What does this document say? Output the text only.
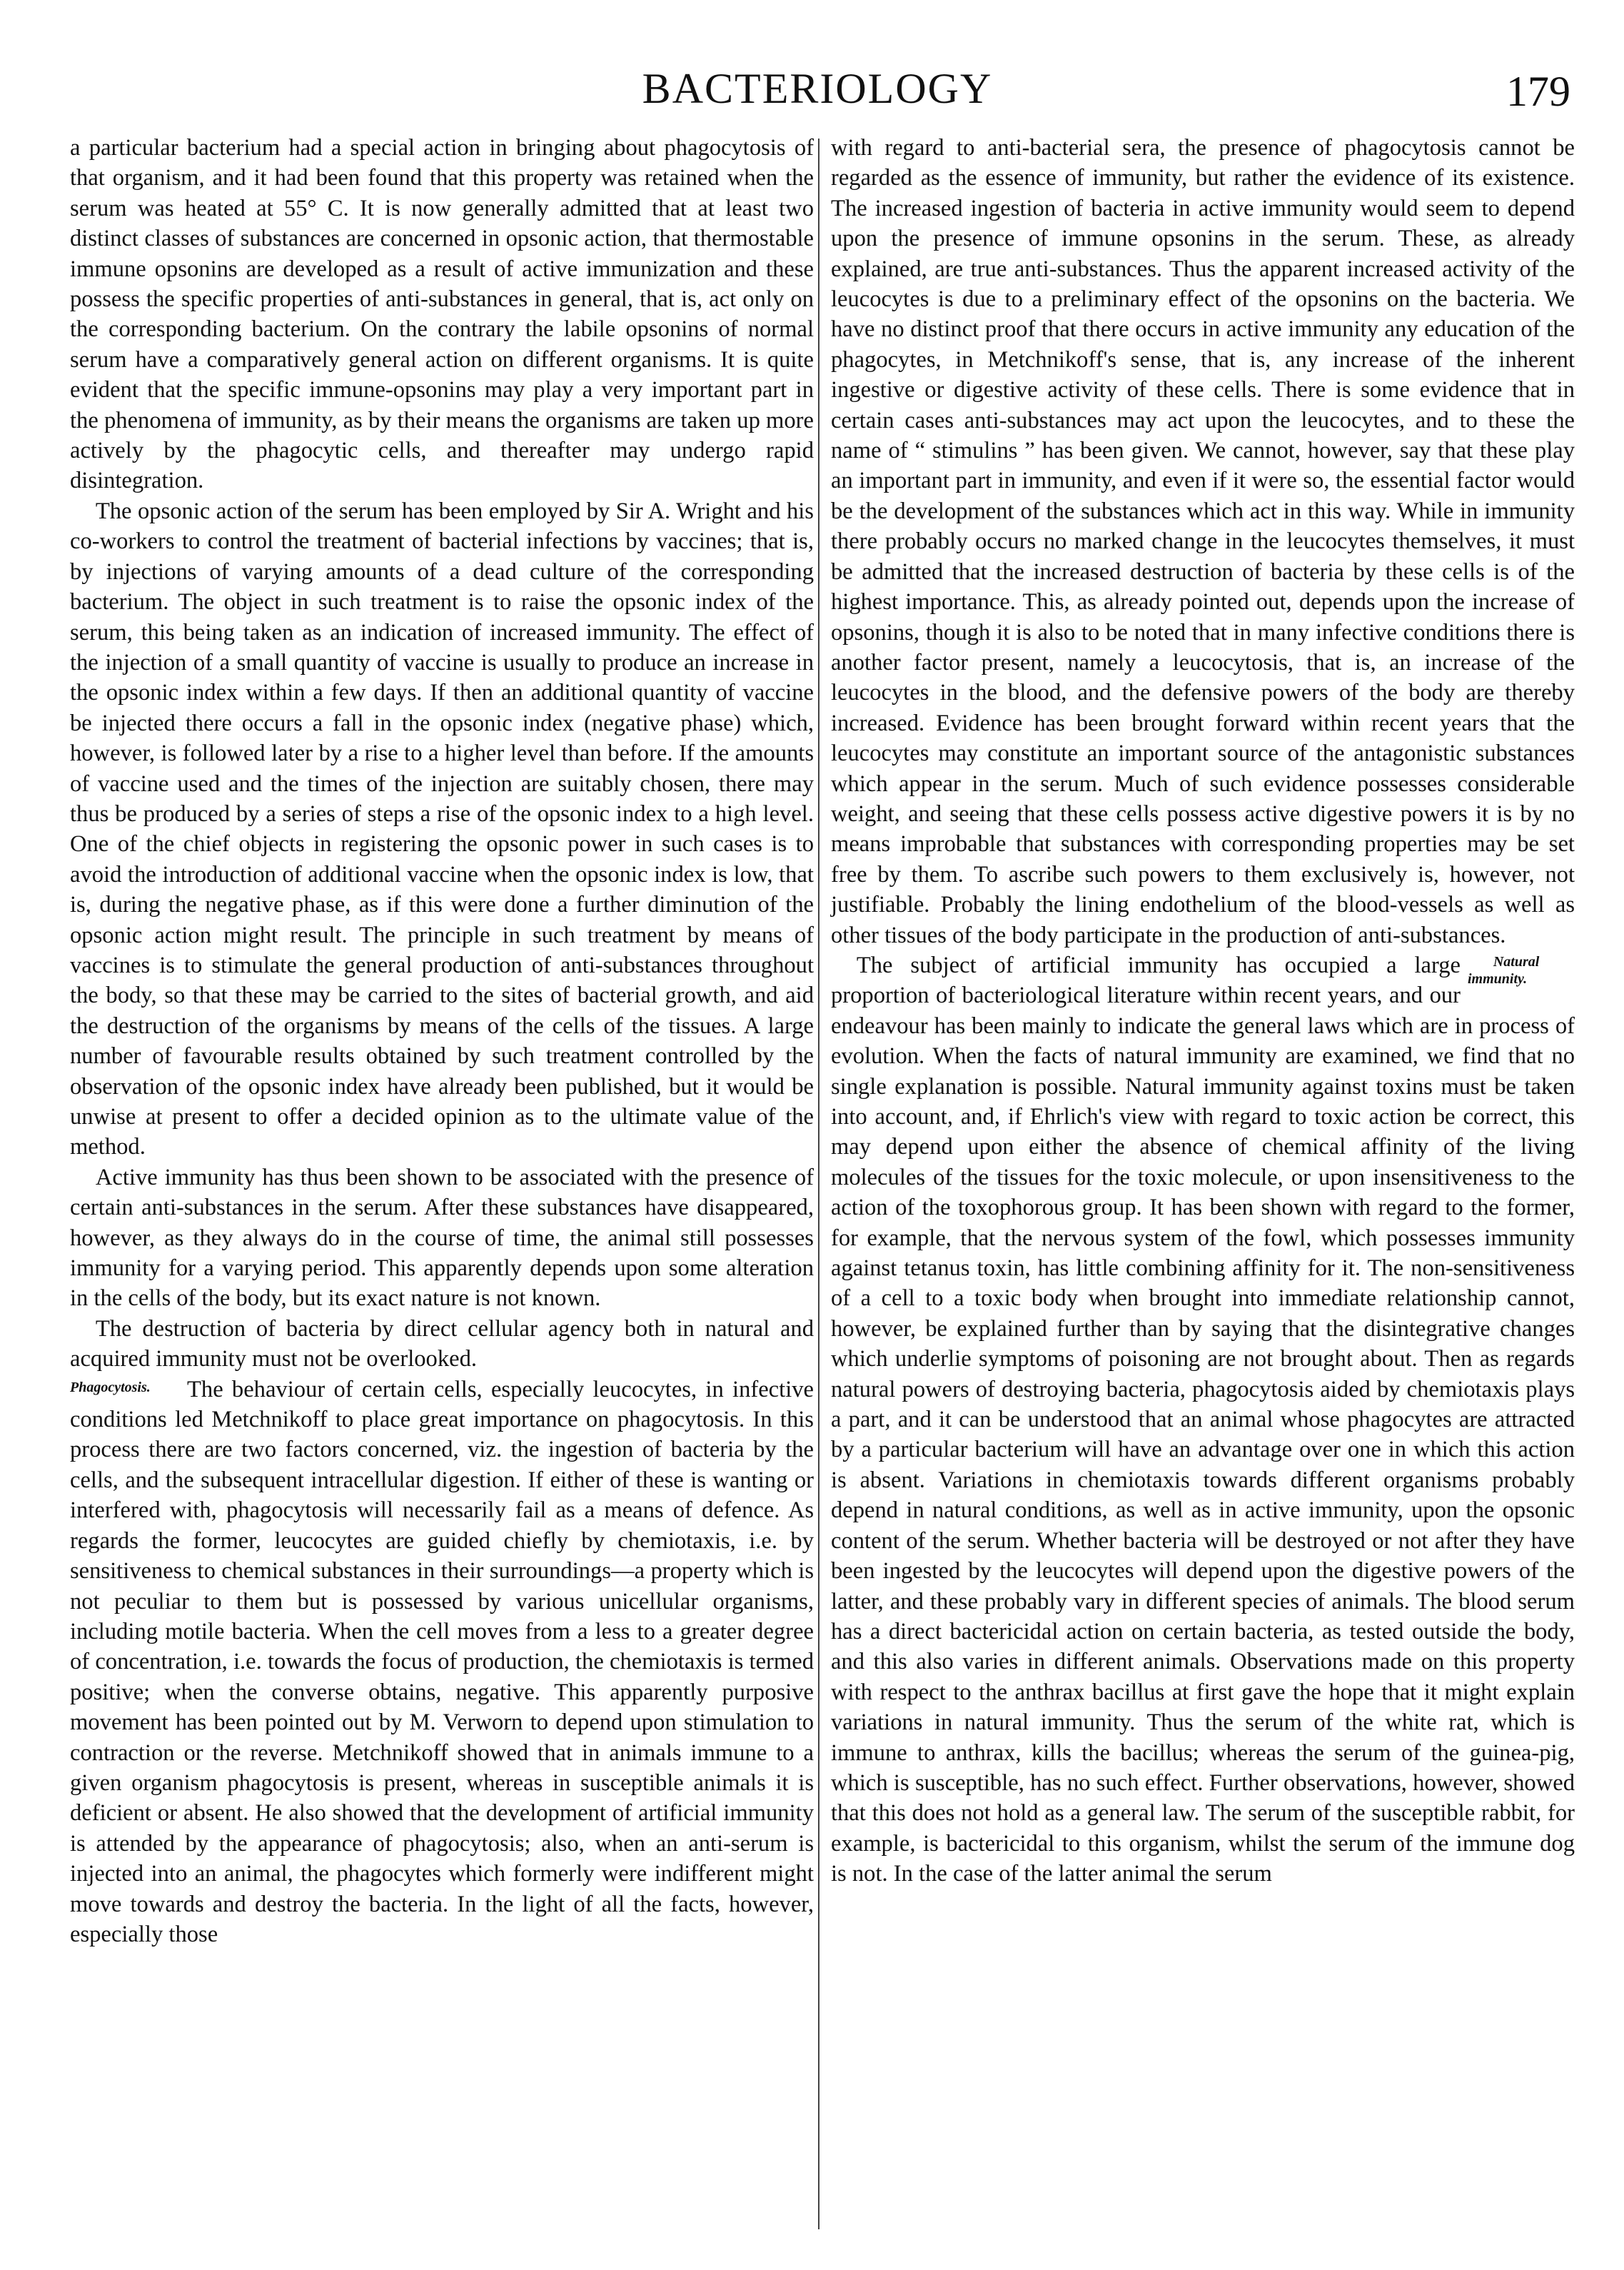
BACTERIOLOGY	179

a particular bacterium had a special action in bringing about phagocytosis of that organism, and it had been found that this property was retained when the serum was heated at 55° C. It is now generally admitted that at least two distinct classes of substances are concerned in opsonic action, that thermostable immune opsonins are developed as a result of active immunization and these possess the specific properties of anti-substances in general, that is, act only on the corresponding bacterium. On the contrary the labile opsonins of normal serum have a comparatively general action on different organisms. It is quite evident that the specific immune-opsonins may play a very important part in the phenomena of immunity, as by their means the organisms are taken up more actively by the phagocytic cells, and thereafter may undergo rapid disintegration.

The opsonic action of the serum has been employed by Sir A. Wright and his co-workers to control the treatment of bacterial infections by vaccines; that is, by injections of varying amounts of a dead culture of the corresponding bacterium. The object in such treatment is to raise the opsonic index of the serum, this being taken as an indication of increased immunity. The effect of the injection of a small quantity of vaccine is usually to produce an increase in the opsonic index within a few days. If then an additional quantity of vaccine be injected there occurs a fall in the opsonic index (negative phase) which, however, is followed later by a rise to a higher level than before. If the amounts of vaccine used and the times of the injection are suitably chosen, there may thus be produced by a series of steps a rise of the opsonic index to a high level. One of the chief objects in registering the opsonic power in such cases is to avoid the introduction of additional vaccine when the opsonic index is low, that is, during the negative phase, as if this were done a further diminution of the opsonic action might result. The principle in such treatment by means of vaccines is to stimulate the general production of anti-substances throughout the body, so that these may be carried to the sites of bacterial growth, and aid the destruction of the organisms by means of the cells of the tissues. A large number of favourable results obtained by such treatment controlled by the observation of the opsonic index have already been published, but it would be unwise at present to offer a decided opinion as to the ultimate value of the method.

Active immunity has thus been shown to be associated with the presence of certain anti-substances in the serum. After these substances have disappeared, however, as they always do in the course of time, the animal still possesses immunity for a varying period. This apparently depends upon some alteration in the cells of the body, but its exact nature is not known.

The destruction of bacteria by direct cellular agency both in natural and acquired immunity must not be overlooked.

Phagocytosis.	The behaviour of certain cells, especially leucocytes, in infective conditions led Metchnikoff to place great importance on phagocytosis. In this process there are two factors concerned, viz. the ingestion of bacteria by the cells, and the subsequent intracellular digestion. If either of these is wanting or interfered with, phagocytosis will necessarily fail as a means of defence. As regards the former, leucocytes are guided chiefly by chemiotaxis, i.e. by sensitiveness to chemical substances in their surroundings—a property which is not peculiar to them but is possessed by various unicellular organisms, including motile bacteria. When the cell moves from a less to a greater degree of concentration, i.e. towards the focus of production, the chemiotaxis is termed positive; when the converse obtains, negative. This apparently purposive movement has been pointed out by M. Verworn to depend upon stimulation to contraction or the reverse. Metchnikoff showed that in animals immune to a given organism phagocytosis is present, whereas in susceptible animals it is deficient or absent. He also showed that the development of artificial immunity is attended by the appearance of phagocytosis; also, when an anti-serum is injected into an animal, the phagocytes which formerly were indifferent might move towards and destroy the bacteria. In the light of all the facts, however, especially those

with regard to anti-bacterial sera, the presence of phagocytosis cannot be regarded as the essence of immunity, but rather the evidence of its existence. The increased ingestion of bacteria in active immunity would seem to depend upon the presence of immune opsonins in the serum. These, as already explained, are true anti-substances. Thus the apparent increased activity of the leucocytes is due to a preliminary effect of the opsonins on the bacteria. We have no distinct proof that there occurs in active immunity any education of the phagocytes, in Metchnikoff's sense, that is, any increase of the inherent ingestive or digestive activity of these cells. There is some evidence that in certain cases anti-substances may act upon the leucocytes, and to these the name of “ stimulins ” has been given. We cannot, however, say that these play an important part in immunity, and even if it were so, the essential factor would be the development of the substances which act in this way. While in immunity there probably occurs no marked change in the leucocytes themselves, it must be admitted that the increased destruction of bacteria by these cells is of the highest importance. This, as already pointed out, depends upon the increase of opsonins, though it is also to be noted that in many infective conditions there is another factor present, namely a leucocytosis, that is, an increase of the leucocytes in the blood, and the defensive powers of the body are thereby increased. Evidence has been brought forward within recent years that the leucocytes may constitute an important source of the antagonistic substances which appear in the serum. Much of such evidence possesses considerable weight, and seeing that these cells possess active digestive powers it is by no means improbable that substances with corresponding properties may be set free by them. To ascribe such powers to them exclusively is, however, not justifiable. Probably the lining endothelium of the blood-vessels as well as other tissues of the body participate in the production of anti-substances.

Natural immunity.
The subject of artificial immunity has occupied a large proportion of bacteriological literature within recent years, and our endeavour has been mainly to indicate the general laws which are in process of evolution. When the facts of natural immunity are examined, we find that no single explanation is possible. Natural immunity against toxins must be taken into account, and, if Ehrlich's view with regard to toxic action be correct, this may depend upon either the absence of chemical affinity of the living molecules of the tissues for the toxic molecule, or upon insensitiveness to the action of the toxophorous group. It has been shown with regard to the former, for example, that the nervous system of the fowl, which possesses immunity against tetanus toxin, has little combining affinity for it. The non-sensitiveness of a cell to a toxic body when brought into immediate relationship cannot, however, be explained further than by saying that the disintegrative changes which underlie symptoms of poisoning are not brought about. Then as regards natural powers of destroying bacteria, phagocytosis aided by chemiotaxis plays a part, and it can be understood that an animal whose phagocytes are attracted by a particular bacterium will have an advantage over one in which this action is absent. Variations in chemiotaxis towards different organisms probably depend in natural conditions, as well as in active immunity, upon the opsonic content of the serum. Whether bacteria will be destroyed or not after they have been ingested by the leucocytes will depend upon the digestive powers of the latter, and these probably vary in different species of animals. The blood serum has a direct bactericidal action on certain bacteria, as tested outside the body, and this also varies in different animals. Observations made on this property with respect to the anthrax bacillus at first gave the hope that it might explain variations in natural immunity. Thus the serum of the white rat, which is immune to anthrax, kills the bacillus; whereas the serum of the guinea-pig, which is susceptible, has no such effect. Further observations, however, showed that this does not hold as a general law. The serum of the susceptible rabbit, for example, is bactericidal to this organism, whilst the serum of the immune dog is not. In the case of the latter animal the serum
